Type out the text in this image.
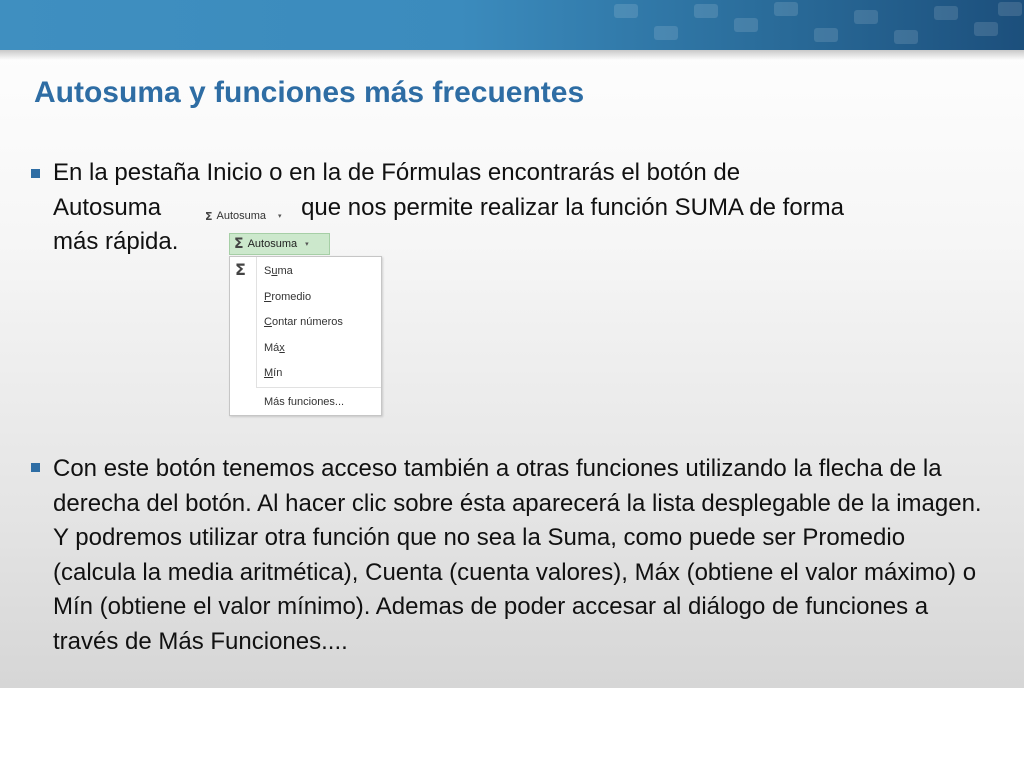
Autosuma y funciones más frecuentes
En la pestaña Inicio o en la de Fórmulas encontrarás el botón de
Autosuma	que nos permite realizar la función SUMA de forma
más rápida.
Σ Autosuma ▾
Σ Autosuma ▾
Σ Suma
Promedio
Contar números
Máx
Mín
Más funciones...
Con este botón tenemos acceso también a otras funciones utilizando la flecha de la derecha del botón. Al hacer clic sobre ésta aparecerá la lista desplegable de la imagen. Y podremos utilizar otra función que no sea la Suma, como puede ser Promedio (calcula la media aritmética), Cuenta (cuenta valores), Máx (obtiene el valor máximo) o Mín (obtiene el valor mínimo). Ademas de poder accesar al diálogo de funciones a través de Más Funciones....
